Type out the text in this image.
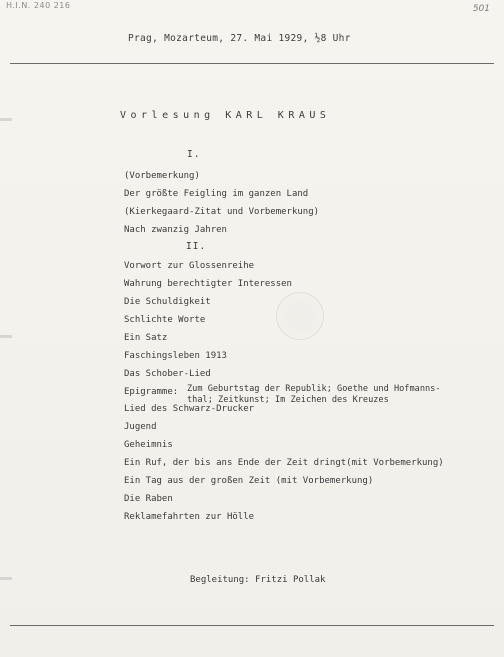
H.I.N. 240 216	501
Prag, Mozarteum, 27. Mai 1929, ½8 Uhr
Vorlesung KARL KRAUS
I.
(Vorbemerkung)
Der größte Feigling im ganzen Land
(Kierkegaard-Zitat und Vorbemerkung)
Nach zwanzig Jahren
II.
Vorwort zur Glossenreihe
Wahrung berechtigter Interessen
Die Schuldigkeit
Schlichte Worte
Ein Satz
Faschingsleben 1913
Das Schober-Lied
Epigramme:	Zum Geburtstag der Republik; Goethe und Hofmanns-
thal; Zeitkunst; Im Zeichen des Kreuzes
Lied des Schwarz-Drucker
Jugend
Geheimnis
Ein Ruf, der bis ans Ende der Zeit dringt(mit Vorbemerkung)
Ein Tag aus der großen Zeit (mit Vorbemerkung)
Die Raben
Reklamefahrten zur Hölle
Begleitung: Fritzi Pollak
